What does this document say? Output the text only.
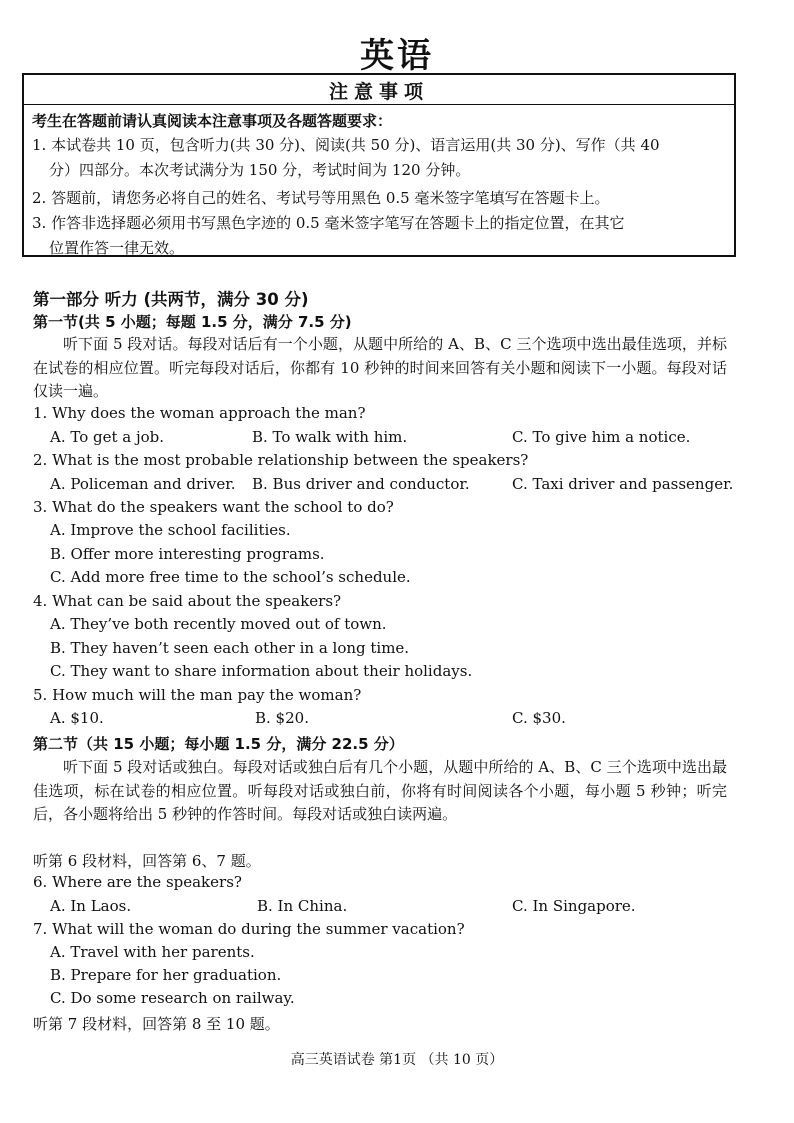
英语
注意事项
考生在答题前请认真阅读本注意事项及各题答题要求：
1. 本试卷共 10 页，包含听力(共 30 分)、阅读(共 50 分)、语言运用(共 30 分)、写作（共 40
分）四部分。本次考试满分为 150 分，考试时间为 120 分钟。
2. 答题前，请您务必将自己的姓名、考试号等用黑色 0.5 毫米签字笔填写在答题卡上。
3. 作答非选择题必须用书写黑色字迹的 0.5 毫米签字笔写在答题卡上的指定位置，在其它
位置作答一律无效。
第一部分 听力 (共两节，满分 30 分)
第一节(共 5 小题；每题 1.5 分，满分 7.5 分)
听下面 5 段对话。每段对话后有一个小题，从题中所给的 A、B、C 三个选项中选出最佳选项，并标在试卷的相应位置。听完每段对话后，你都有 10 秒钟的时间来回答有关小题和阅读下一小题。每段对话仅读一遍。
1. Why does the woman approach the man?
A. To get a job.	B. To walk with him.	C. To give him a notice.
2. What is the most probable relationship between the speakers?
A. Policeman and driver. B. Bus driver and conductor.	C. Taxi driver and passenger.
3. What do the speakers want the school to do?
A. Improve the school facilities.
B. Offer more interesting programs.
C. Add more free time to the school’s schedule.
4. What can be said about the speakers?
A. They’ve both recently moved out of town.
B. They haven’t seen each other in a long time.
C. They want to share information about their holidays.
5. How much will the man pay the woman?
A. $10.	B. $20.	C. $30.
第二节（共 15 小题；每小题 1.5 分，满分 22.5 分）
听下面 5 段对话或独白。每段对话或独白后有几个小题，从题中所给的 A、B、C 三个选项中选出最佳选项，标在试卷的相应位置。听每段对话或独白前，你将有时间阅读各个小题，每小题 5 秒钟；听完后，各小题将给出 5 秒钟的作答时间。每段对话或独白读两遍。
听第 6 段材料，回答第 6、7 题。
6. Where are the speakers?
A. In Laos.	B. In China.	C. In Singapore.
7. What will the woman do during the summer vacation?
A. Travel with her parents.
B. Prepare for her graduation.
C. Do some research on railway.
听第 7 段材料，回答第 8 至 10 题。
高三英语试卷 第1页 （共 10 页）
